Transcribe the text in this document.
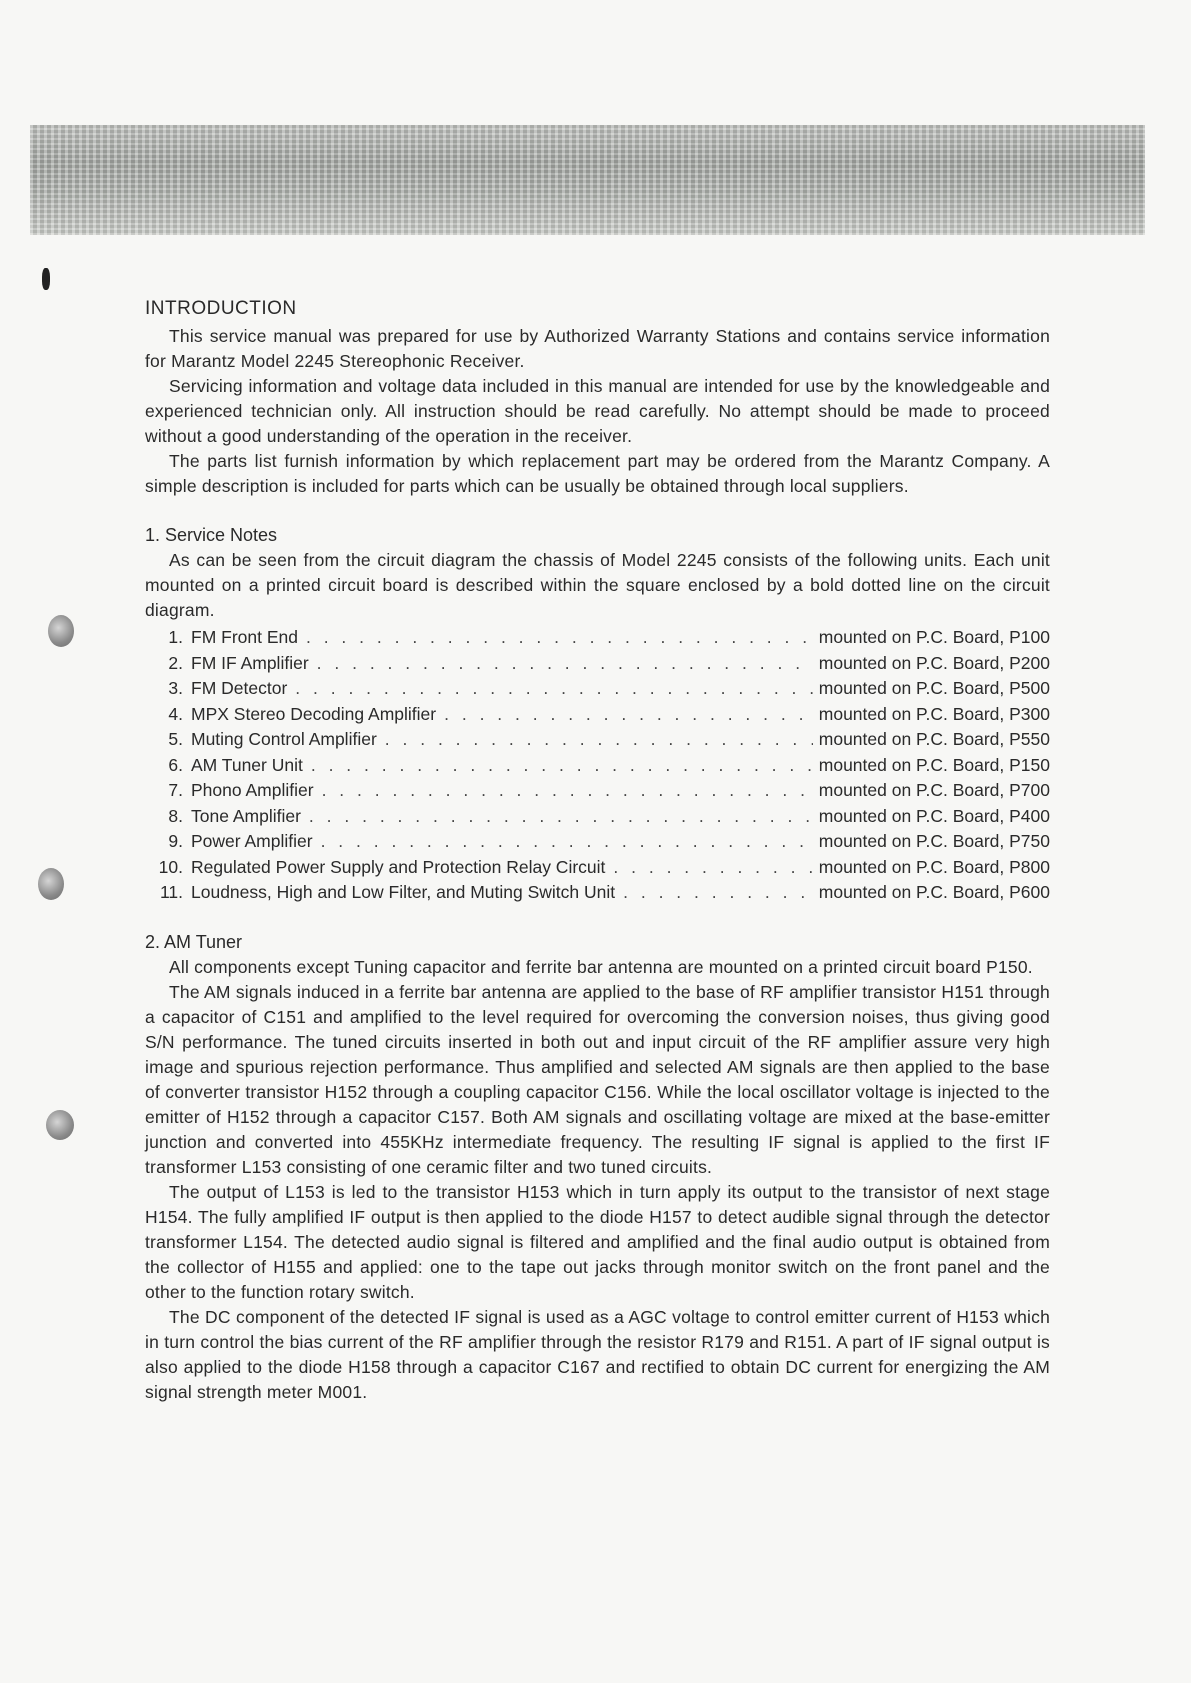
INTRODUCTION

This service manual was prepared for use by Authorized Warranty Stations and contains service information for Marantz Model 2245 Stereophonic Receiver.

Servicing information and voltage data included in this manual are intended for use by the knowledgeable and experienced technician only. All instruction should be read carefully. No attempt should be made to proceed without a good understanding of the operation in the receiver.

The parts list furnish information by which replacement part may be ordered from the Marantz Company. A simple description is included for parts which can be usually be obtained through local suppliers.

1. Service Notes

As can be seen from the circuit diagram the chassis of Model 2245 consists of the following units. Each unit mounted on a printed circuit board is described within the square enclosed by a bold dotted line on the circuit diagram.

1. FM Front End . . .	mounted on P.C. Board, P100
2. FM IF Amplifier . . .	mounted on P.C. Board, P200
3. FM Detector . . .	mounted on P.C. Board, P500
4. MPX Stereo Decoding Amplifier . . .	mounted on P.C. Board, P300
5. Muting Control Amplifier . . .	mounted on P.C. Board, P550
6. AM Tuner Unit . . .	mounted on P.C. Board, P150
7. Phono Amplifier . . .	mounted on P.C. Board, P700
8. Tone Amplifier . . .	mounted on P.C. Board, P400
9. Power Amplifier . . .	mounted on P.C. Board, P750
10. Regulated Power Supply and Protection Relay Circuit . . .	mounted on P.C. Board, P800
11. Loudness, High and Low Filter, and Muting Switch Unit . . .	mounted on P.C. Board, P600
2. AM Tuner

All components except Tuning capacitor and ferrite bar antenna are mounted on a printed circuit board P150.

The AM signals induced in a ferrite bar antenna are applied to the base of RF amplifier transistor H151 through a capacitor of C151 and amplified to the level required for overcoming the conversion noises, thus giving good S/N performance. The tuned circuits inserted in both out and input circuit of the RF amplifier assure very high image and spurious rejection performance. Thus amplified and selected AM signals are then applied to the base of converter transistor H152 through a coupling capacitor C156. While the local oscillator voltage is injected to the emitter of H152 through a capacitor C157. Both AM signals and oscillating voltage are mixed at the base-emitter junction and converted into 455KHz intermediate frequency. The resulting IF signal is applied to the first IF transformer L153 consisting of one ceramic filter and two tuned circuits.

The output of L153 is led to the transistor H153 which in turn apply its output to the transistor of next stage H154. The fully amplified IF output is then applied to the diode H157 to detect audible signal through the detector transformer L154. The detected audio signal is filtered and amplified and the final audio output is obtained from the collector of H155 and applied: one to the tape out jacks through monitor switch on the front panel and the other to the function rotary switch.

The DC component of the detected IF signal is used as a AGC voltage to control emitter current of H153 which in turn control the bias current of the RF amplifier through the resistor R179 and R151. A part of IF signal output is also applied to the diode H158 through a capacitor C167 and rectified to obtain DC current for energizing the AM signal strength meter M001.
